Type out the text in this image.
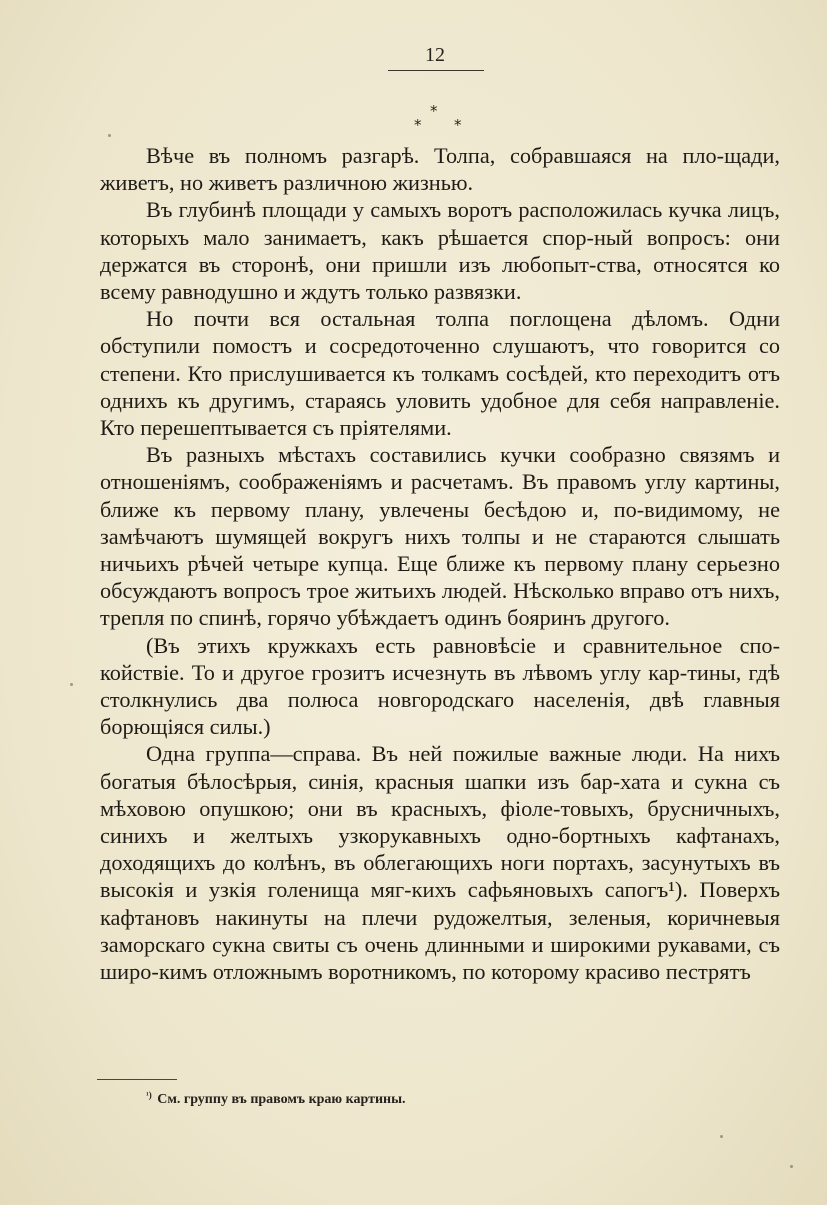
12
*
* *

Вѣче въ полномъ разгарѣ. Толпа, собравшаяся на пло-щади, живетъ, но живетъ различною жизнью.

Въ глубинѣ площади у самыхъ воротъ расположилась кучка лицъ, которыхъ мало занимаетъ, какъ рѣшается спор-ный вопросъ: они держатся въ сторонѣ, они пришли изъ любопыт-ства, относятся ко всему равнодушно и ждутъ только развязки.

Но почти вся остальная толпа поглощена дѣломъ. Одни обступили помостъ и сосредоточенно слушаютъ, что говорится со степени. Кто прислушивается къ толкамъ сосѣдей, кто переходитъ отъ однихъ къ другимъ, стараясь уловить удобное для себя направленіе. Кто перешептывается съ пріятелями.

Въ разныхъ мѣстахъ составились кучки сообразно связямъ и отношеніямъ, соображеніямъ и расчетамъ. Въ правомъ углу картины, ближе къ первому плану, увлечены бесѣдою и, по-видимому, не замѣчаютъ шумящей вокругъ нихъ толпы и не стараются слышать ничьихъ рѣчей четыре купца. Еще ближе къ первому плану серьезно обсуждаютъ вопросъ трое житьихъ людей. Нѣсколько вправо отъ нихъ, трепля по спинѣ, горячо убѣждаетъ одинъ бояринъ другого.

(Въ этихъ кружкахъ есть равновѣсіе и сравнительное спо-койствіе. То и другое грозитъ исчезнуть въ лѣвомъ углу кар-тины, гдѣ столкнулись два полюса новгородскаго населенія, двѣ главныя борющіяся силы.)

Одна группа—справа. Въ ней пожилые важные люди. На нихъ богатыя бѣлосѣрыя, синія, красныя шапки изъ бар-хата и сукна съ мѣховою опушкою; они въ красныхъ, фіоле-товыхъ, брусничныхъ, синихъ и желтыхъ узкорукавныхъ одно-бортныхъ кафтанахъ, доходящихъ до колѣнъ, въ облегающихъ ноги портахъ, засунутыхъ въ высокія и узкія голенища мяг-кихъ сафьяновыхъ сапогъ¹). Поверхъ кафтановъ накинуты на плечи рудожелтыя, зеленыя, коричневыя заморскаго сукна свиты съ очень длинными и широкими рукавами, съ широ-кимъ отложнымъ воротникомъ, по которому красиво пестрятъ

$^{^1)}$ См. группу въ правомъ краю картины.
